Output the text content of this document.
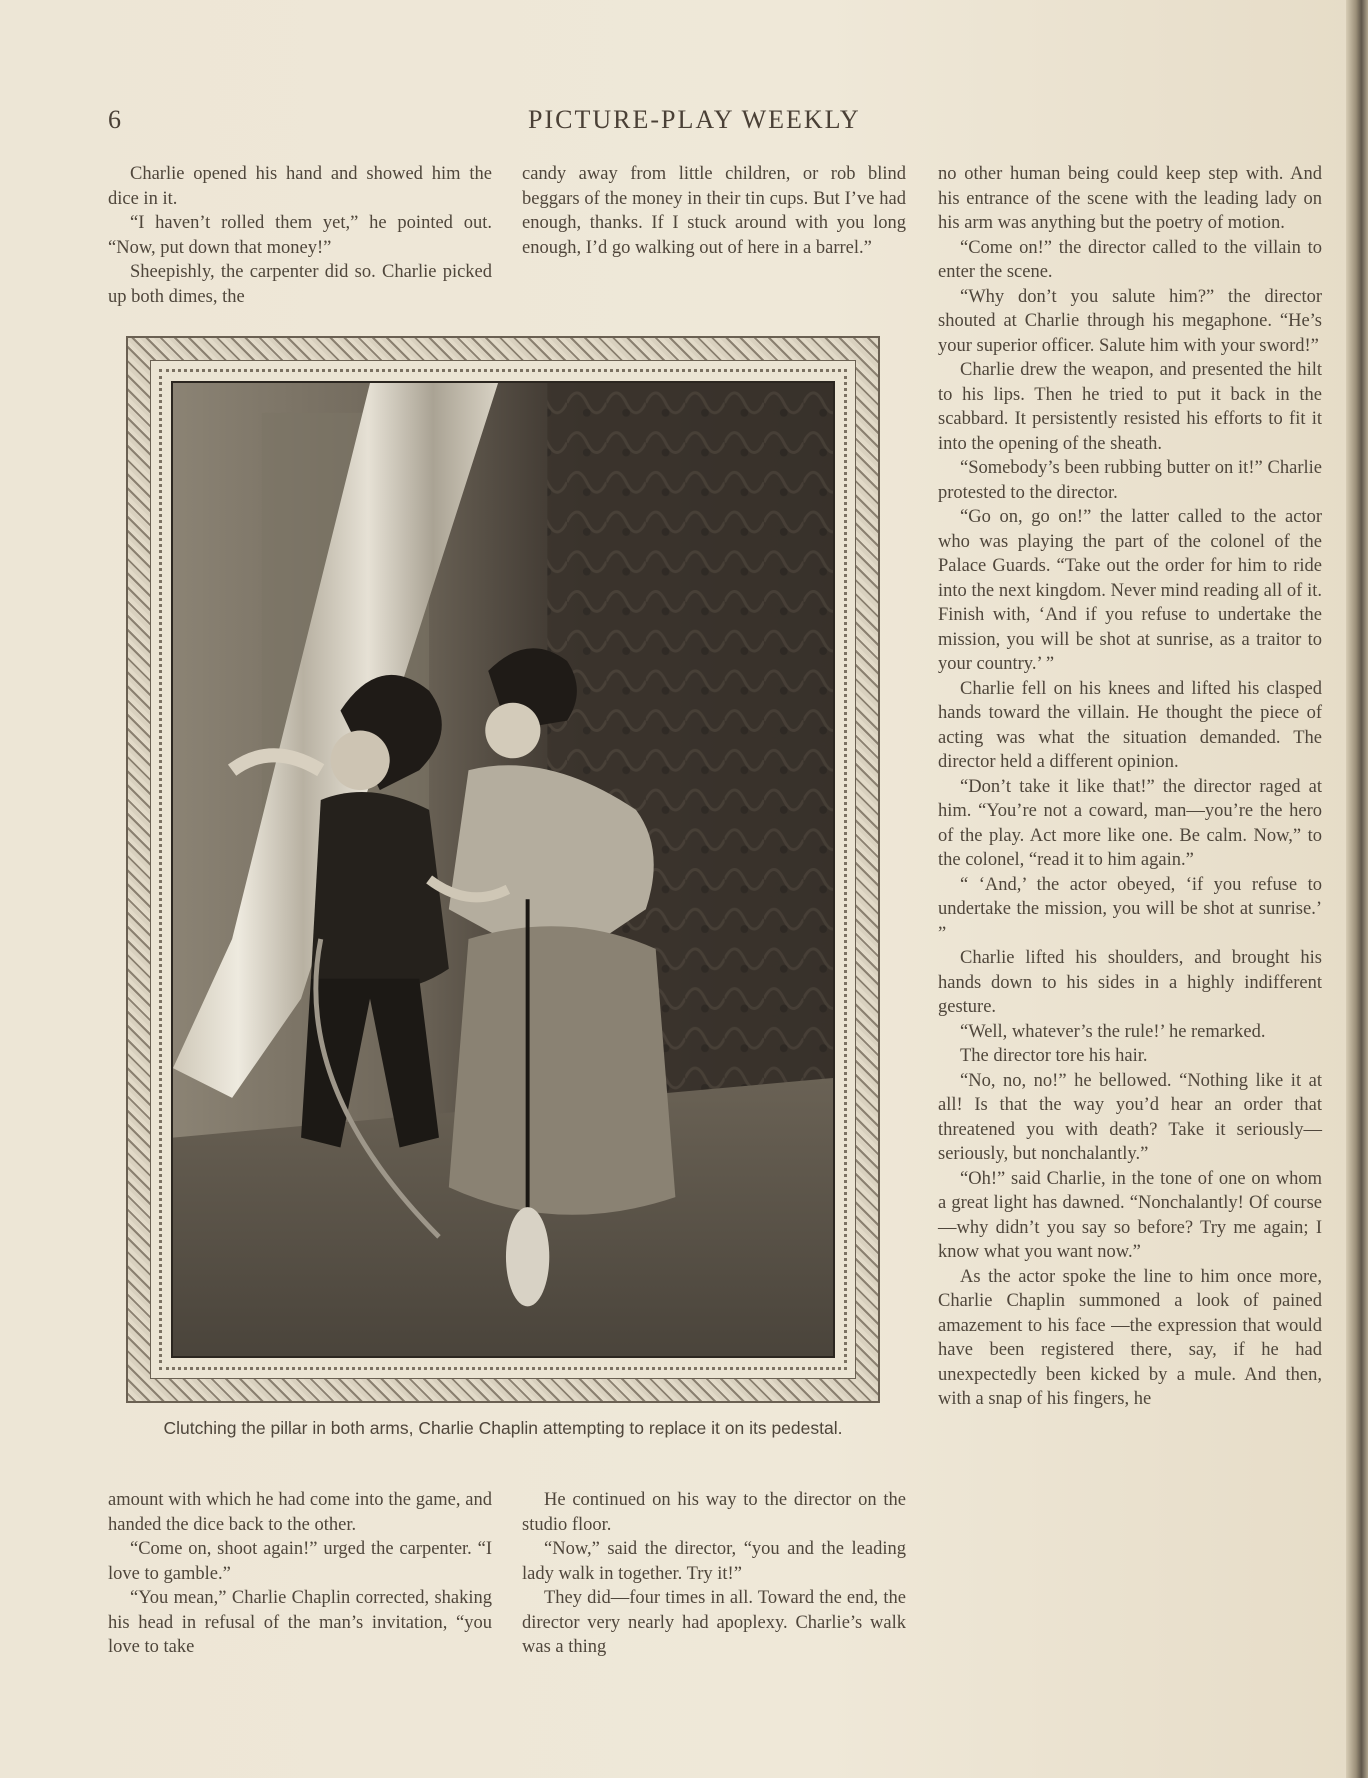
6	PICTURE-PLAY WEEKLY

Charlie opened his hand and showed him the dice in it.

“I haven’t rolled them yet,” he pointed out. “Now, put down that money!”

Sheepishly, the carpenter did so. Charlie picked up both dimes, the

candy away from little children, or rob blind beggars of the money in their tin cups. But I’ve had enough, thanks. If I stuck around with you long enough, I’d go walking out of here in a barrel.”

no other human being could keep step with. And his entrance of the scene with the leading lady on his arm was anything but the poetry of motion.

“Come on!” the director called to the villain to enter the scene.

“Why don’t you salute him?” the director shouted at Charlie through his megaphone. “He’s your superior officer. Salute him with your sword!”

Charlie drew the weapon, and presented the hilt to his lips. Then he tried to put it back in the scabbard. It persistently resisted his efforts to fit it into the opening of the sheath.

“Somebody’s been rubbing butter on it!” Charlie protested to the director.

“Go on, go on!” the latter called to the actor who was playing the part of the colonel of the Palace Guards. “Take out the order for him to ride into the next kingdom. Never mind reading all of it. Finish with, ‘And if you refuse to undertake the mission, you will be shot at sunrise, as a traitor to your country.’ ”

Charlie fell on his knees and lifted his clasped hands toward the villain. He thought the piece of acting was what the situation demanded. The director held a different opinion.

“Don’t take it like that!” the director raged at him. “You’re not a coward, man—you’re the hero of the play. Act more like one. Be calm. Now,” to the colonel, “read it to him again.”

“ ‘And,’ the actor obeyed, ‘if you refuse to undertake the mission, you will be shot at sunrise.’ ”

Charlie lifted his shoulders, and brought his hands down to his sides in a highly indifferent gesture.

“Well, whatever’s the rule!’ he remarked.

The director tore his hair.

“No, no, no!” he bellowed. “Nothing like it at all! Is that the way you’d hear an order that threatened you with death? Take it seriously—seriously, but nonchalantly.”

“Oh!” said Charlie, in the tone of one on whom a great light has dawned. “Nonchalantly! Of course—why didn’t you say so before? Try me again; I know what you want now.”

As the actor spoke the line to him once more, Charlie Chaplin summoned a look of pained amazement to his face —the expression that would have been registered there, say, if he had unexpectedly been kicked by a mule. And then, with a snap of his fingers, he

Clutching the pillar in both arms, Charlie Chaplin attempting to replace it on its pedestal.

amount with which he had come into the game, and handed the dice back to the other.

“Come on, shoot again!” urged the carpenter. “I love to gamble.”

“You mean,” Charlie Chaplin corrected, shaking his head in refusal of the man’s invitation, “you love to take

He continued on his way to the director on the studio floor.

“Now,” said the director, “you and the leading lady walk in together. Try it!”

They did—four times in all. Toward the end, the director very nearly had apoplexy. Charlie’s walk was a thing
